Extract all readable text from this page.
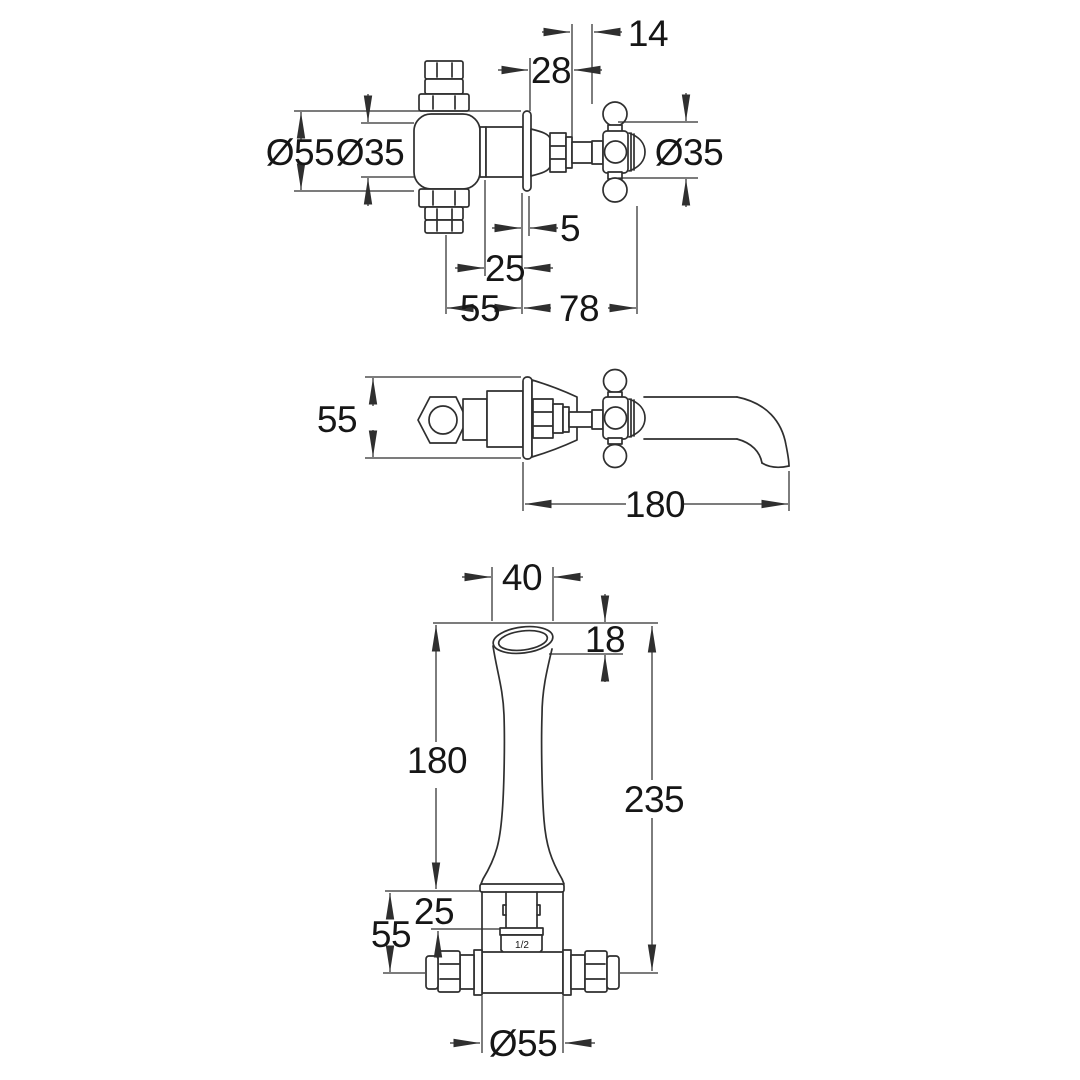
Ø55 Ø35	Ø35
28
14
5
25
55 78
55
180
1/2
40
18
180
235
25
55
Ø55
